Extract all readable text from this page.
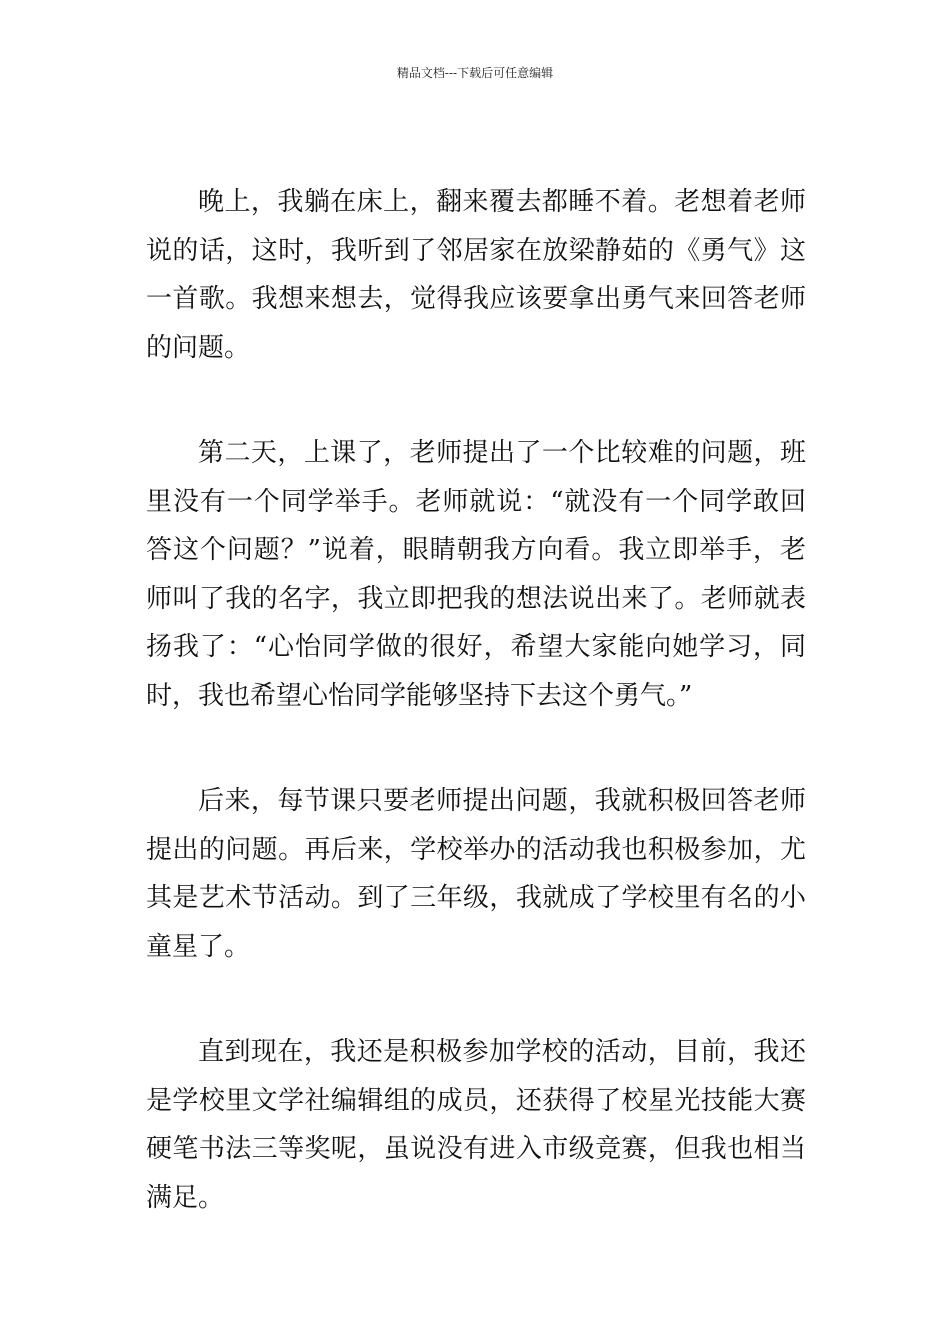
精品文档---下载后可任意编辑

晚上，我躺在床上，翻来覆去都睡不着。老想着老师说的话，这时，我听到了邻居家在放梁静茹的《勇气》这一首歌。我想来想去，觉得我应该要拿出勇气来回答老师的问题。

第二天，上课了，老师提出了一个比较难的问题，班里没有一个同学举手。老师就说：“就没有一个同学敢回答这个问题？”说着，眼睛朝我方向看。我立即举手，老师叫了我的名字，我立即把我的想法说出来了。老师就表扬我了：“心怡同学做的很好，希望大家能向她学习，同时，我也希望心怡同学能够坚持下去这个勇气。”

后来，每节课只要老师提出问题，我就积极回答老师提出的问题。再后来，学校举办的活动我也积极参加，尤其是艺术节活动。到了三年级，我就成了学校里有名的小童星了。

直到现在，我还是积极参加学校的活动，目前，我还是学校里文学社编辑组的成员，还获得了校星光技能大赛硬笔书法三等奖呢，虽说没有进入市级竞赛，但我也相当满足。
